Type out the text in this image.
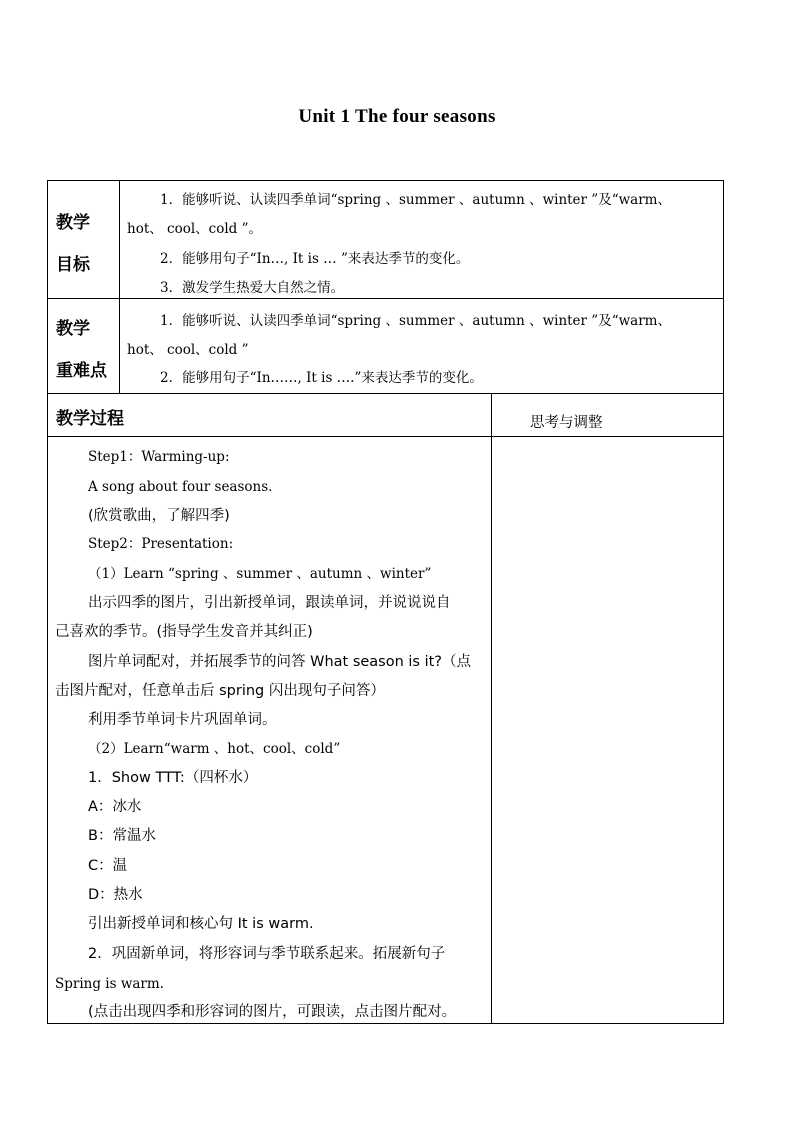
Unit 1 The four seasons
教学
目标
1．能够听说、认读四季单词“spring 、summer 、autumn 、winter ”及“warm、
hot、 cool、cold ”。
2．能够用句子“In…, It is … ”来表达季节的变化。
3．激发学生热爱大自然之情。
教学
重难点
1．能够听说、认读四季单词“spring 、summer 、autumn 、winter ”及“warm、
hot、 cool、cold ”
2．能够用句子“In……, It is ….”来表达季节的变化。
教学过程	思考与调整
Step1：Warming-up:
A song about four seasons.
(欣赏歌曲，了解四季)
Step2：Presentation:
（1）Learn “spring 、summer 、autumn 、winter”
出示四季的图片，引出新授单词，跟读单词，并说说说自
己喜欢的季节。(指导学生发音并其纠正)
图片单词配对，并拓展季节的问答 What season is it?（点
击图片配对，任意单击后 spring 闪出现句子问答）
利用季节单词卡片巩固单词。
（2）Learn“warm 、hot、cool、cold”
1．Show TTT:（四杯水）
A：冰水
B：常温水
C：温
D：热水
引出新授单词和核心句 It is warm.
2．巩固新单词，将形容词与季节联系起来。拓展新句子
Spring is warm.
(点击出现四季和形容词的图片，可跟读，点击图片配对。
